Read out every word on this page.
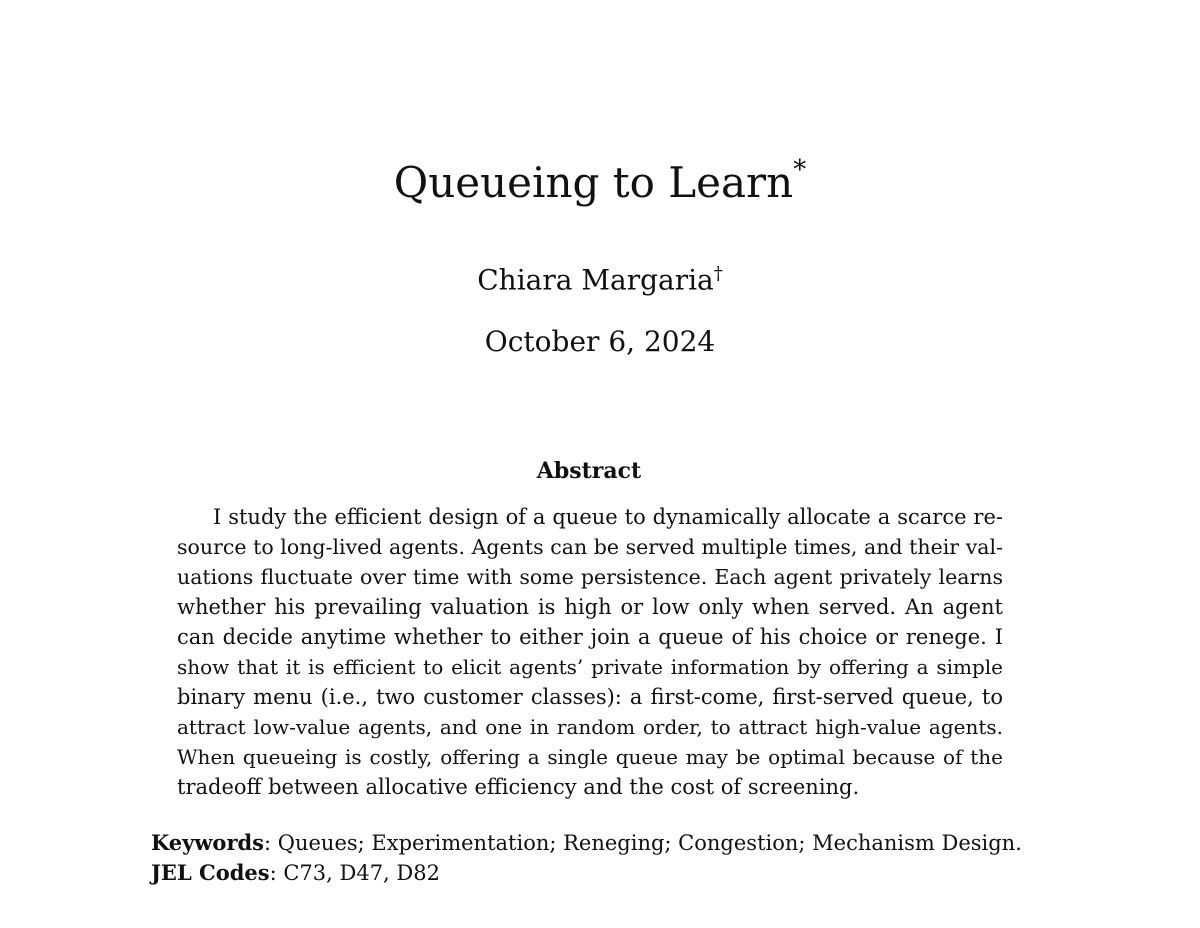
Queueing to Learn*
Chiara Margaria†
October 6, 2024
Abstract
I study the efficient design of a queue to dynamically allocate a scarce re-
source to long-lived agents. Agents can be served multiple times, and their val-
uations fluctuate over time with some persistence. Each agent privately learns
whether his prevailing valuation is high or low only when served. An agent
can decide anytime whether to either join a queue of his choice or renege. I
show that it is efficient to elicit agents’ private information by offering a simple
binary menu (i.e., two customer classes): a first-come, first-served queue, to
attract low-value agents, and one in random order, to attract high-value agents.
When queueing is costly, offering a single queue may be optimal because of the
tradeoff between allocative efficiency and the cost of screening.
Keywords: Queues; Experimentation; Reneging; Congestion; Mechanism Design.
JEL Codes: C73, D47, D82
